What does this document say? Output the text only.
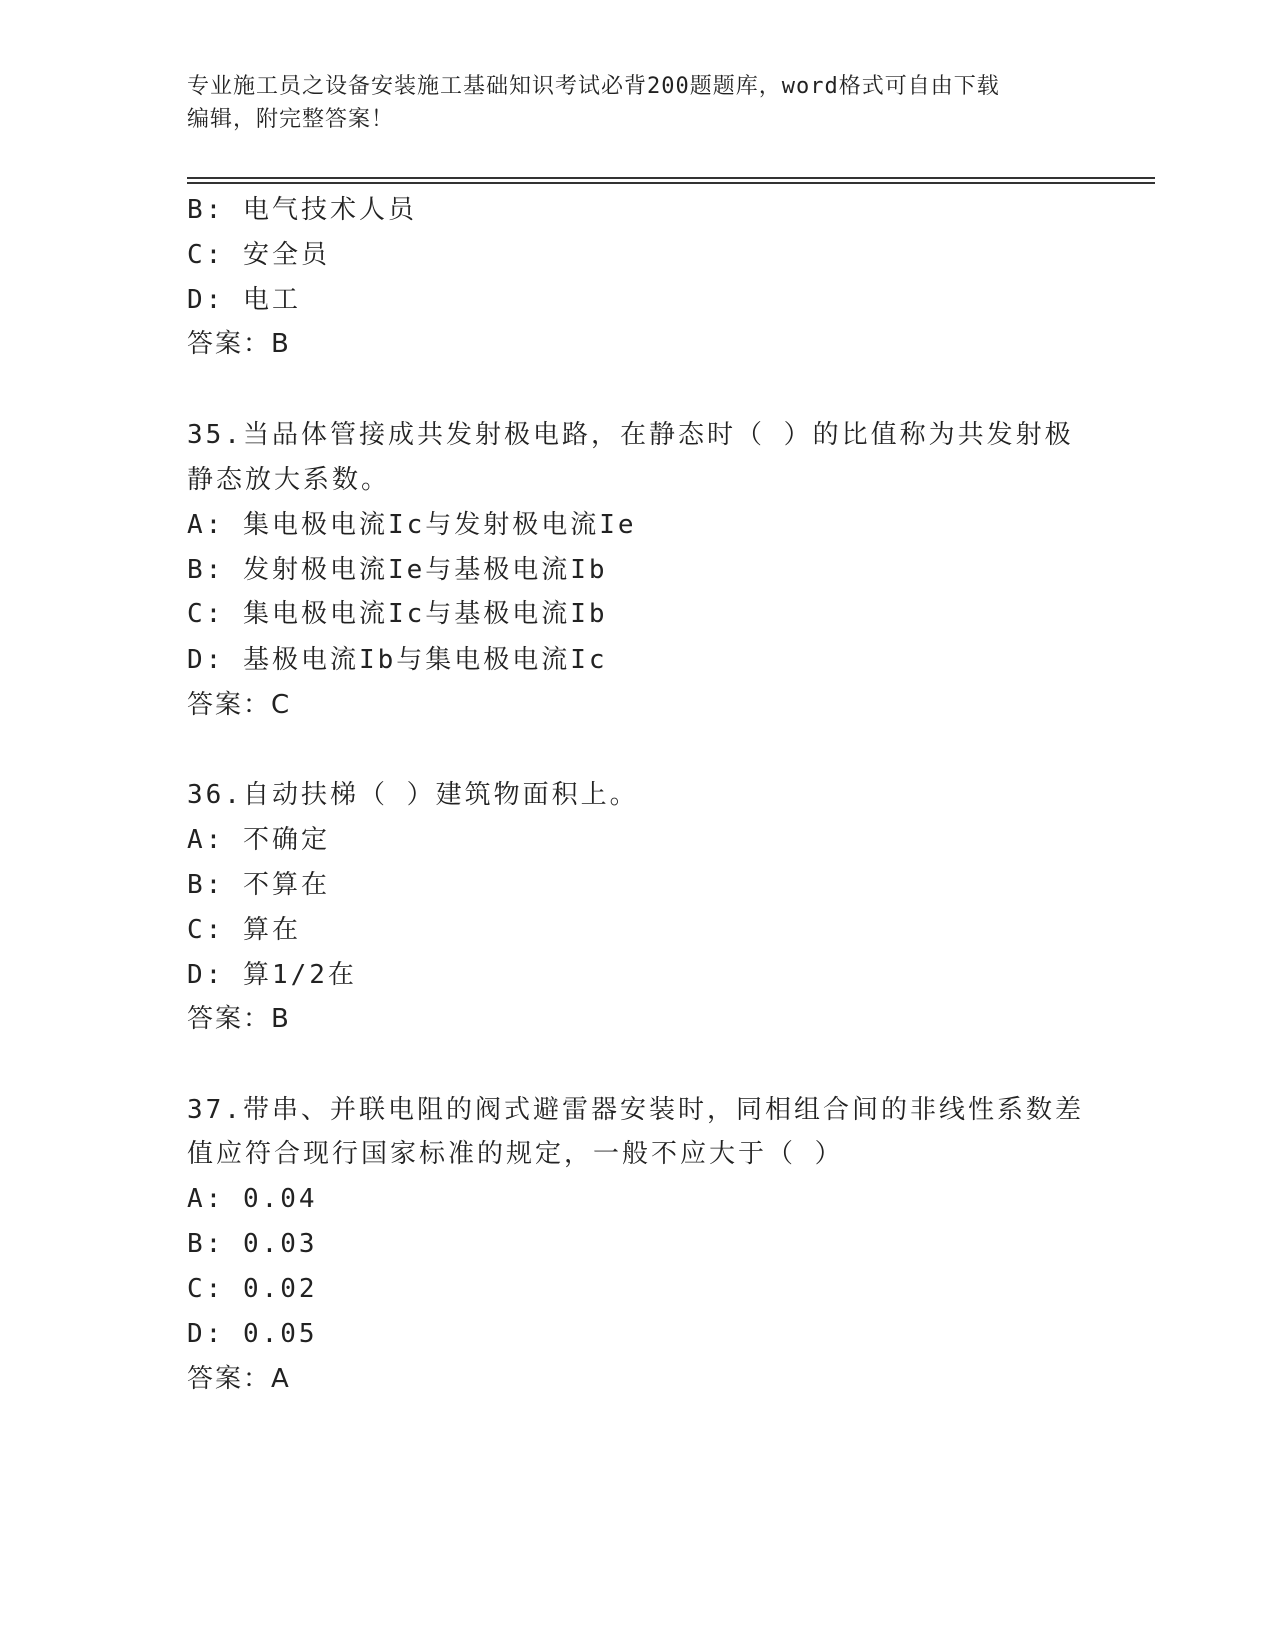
专业施工员之设备安装施工基础知识考试必背200题题库，word格式可自由下载
编辑，附完整答案！
B: 电气技术人员
C: 安全员
D: 电工
答案：B
35.当品体管接成共发射极电路，在静态时（ ）的比值称为共发射极
静态放大系数。
A: 集电极电流Ic与发射极电流Ie
B: 发射极电流Ie与基极电流Ib
C: 集电极电流Ic与基极电流Ib
D: 基极电流Ib与集电极电流Ic
答案：C
36.自动扶梯（ ）建筑物面积上。
A: 不确定
B: 不算在
C: 算在
D: 算1/2在
答案：B
37.带串、并联电阻的阀式避雷器安装时，同相组合间的非线性系数差
值应符合现行国家标准的规定，一般不应大于（ ）
A: 0.04
B: 0.03
C: 0.02
D: 0.05
答案：A
